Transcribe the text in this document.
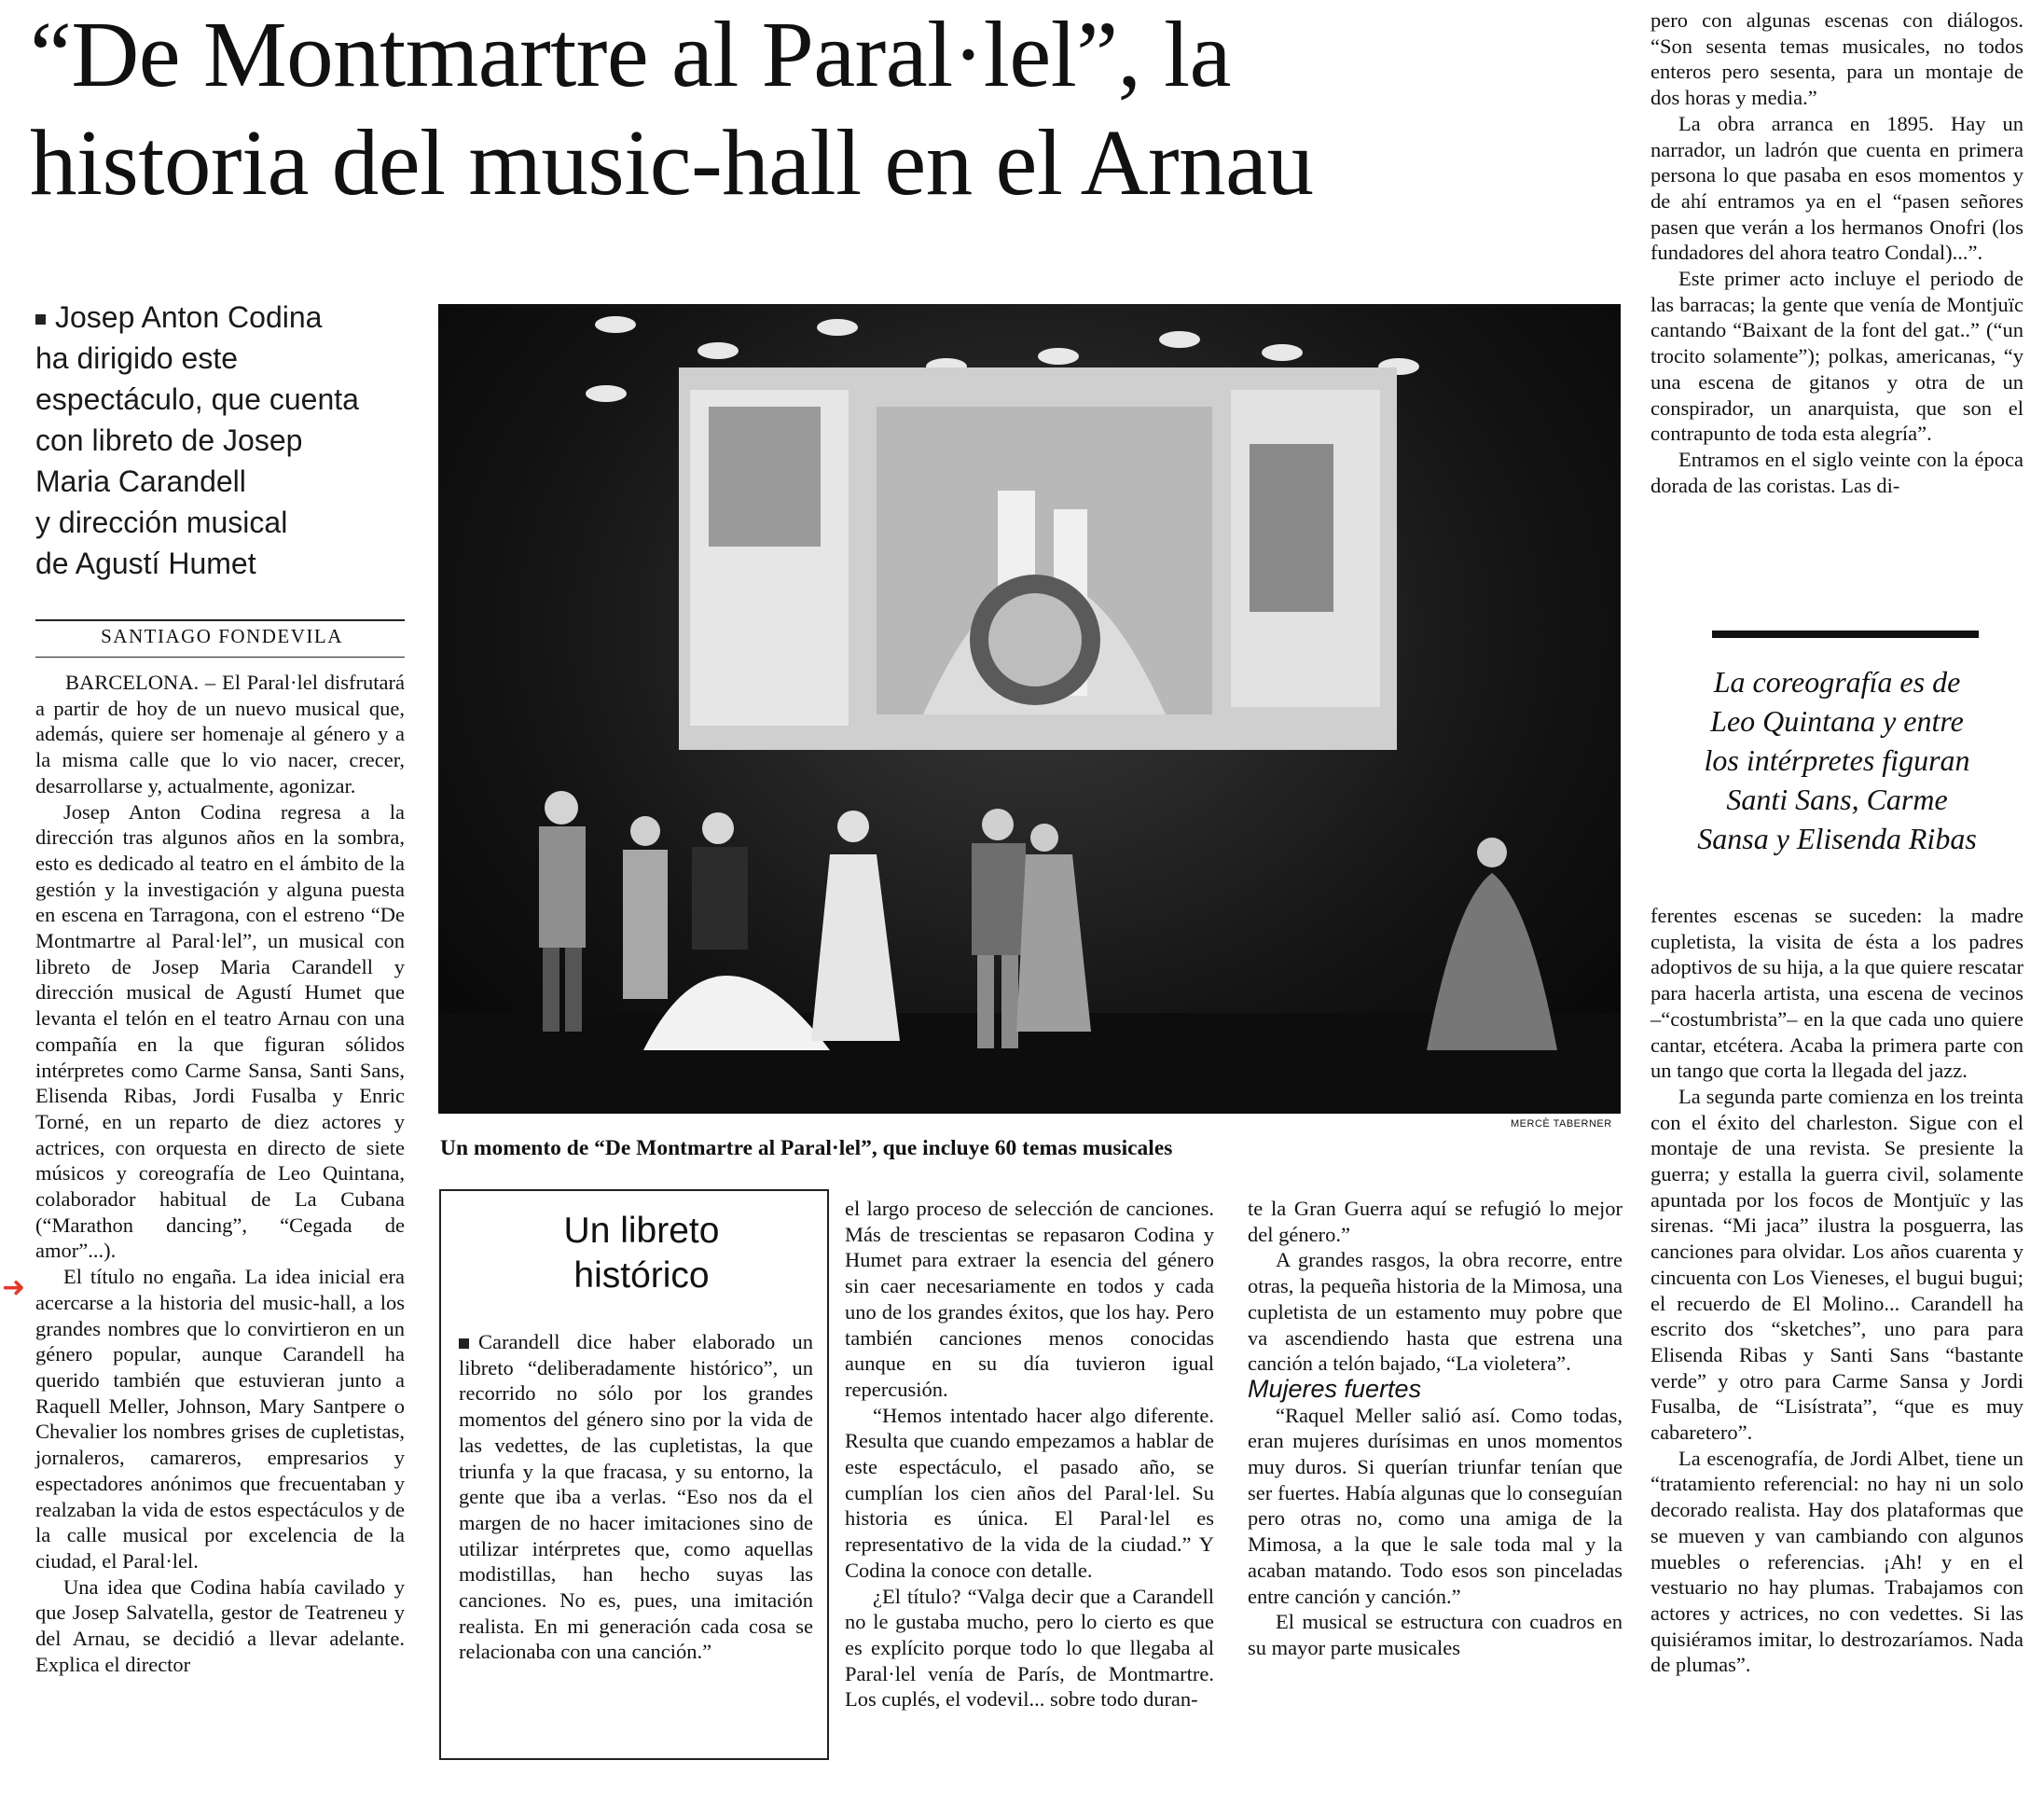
“De Montmartre al Paral·lel”, la
historia del music-hall en el Arnau
Josep Anton Codina
ha dirigido este
espectáculo, que cuenta
con libreto de Josep
Maria Carandell
y dirección musical
de Agustí Humet
SANTIAGO FONDEVILA

BARCELONA. – El Paral·lel disfrutará a partir de hoy de un nuevo musical que, además, quiere ser homenaje al género y a la misma calle que lo vio nacer, crecer, desarrollarse y, actualmente, agonizar.

Josep Anton Codina regresa a la dirección tras algunos años en la sombra, esto es dedicado al teatro en el ámbito de la gestión y la investigación y alguna puesta en escena en Tarragona, con el estreno “De Montmartre al Paral·lel”, un musical con libreto de Josep Maria Carandell y dirección musical de Agustí Humet que levanta el telón en el teatro Arnau con una compañía en la que figuran sólidos intérpretes como Carme Sansa, Santi Sans, Elisenda Ribas, Jordi Fusalba y Enric Torné, en un reparto de diez actores y actrices, con orquesta en directo de siete músicos y coreografía de Leo Quintana, colaborador habitual de La Cubana (“Marathon dancing”, “Cegada de amor”...).

El título no engaña. La idea inicial era acercarse a la historia del music-hall, a los grandes nombres que lo convirtieron en un género popular, aunque Carandell ha querido también que estuvieran junto a Raquell Meller, Johnson, Mary Santpere o Chevalier los nombres grises de cupletistas, jornaleros, camareros, empresarios y espectadores anónimos que frecuentaban y realzaban la vida de estos espectáculos y de la calle musical por excelencia de la ciudad, el Paral·lel.

Una idea que Codina había cavilado y que Josep Salvatella, gestor de Teatreneu y del Arnau, se decidió a llevar adelante. Explica el director

➜
MERCÈ TABERNER
Un momento de “De Montmartre al Paral·lel”, que incluye 60 temas musicales
Un libreto
histórico

Carandell dice haber elaborado un libreto “deliberadamente histórico”, un recorrido no sólo por los grandes momentos del género sino por la vida de las vedettes, de las cupletistas, la que triunfa y la que fracasa, y su entorno, la gente que iba a verlas. “Eso nos da el margen de no hacer imitaciones sino de utilizar intérpretes que, como aquellas modistillas, han hecho suyas las canciones. No es, pues, una imitación realista. En mi generación cada cosa se relacionaba con una canción.”

el largo proceso de selección de canciones. Más de trescientas se repasaron Codina y Humet para extraer la esencia del género sin caer necesariamente en todos y cada uno de los grandes éxitos, que los hay. Pero también canciones menos conocidas aunque en su día tuvieron igual repercusión.

“Hemos intentado hacer algo diferente. Resulta que cuando empezamos a hablar de este espectáculo, el pasado año, se cumplían los cien años del Paral·lel. Su historia es única. El Paral·lel es representativo de la vida de la ciudad.” Y Codina la conoce con detalle.

¿El título? “Valga decir que a Carandell no le gustaba mucho, pero lo cierto es que es explícito porque todo lo que llegaba al Paral·lel venía de París, de Montmartre. Los cuplés, el vodevil... sobre todo duran-

te la Gran Guerra aquí se refugió lo mejor del género.”

A grandes rasgos, la obra recorre, entre otras, la pequeña historia de la Mimosa, una cupletista de un estamento muy pobre que va ascendiendo hasta que estrena una canción a telón bajado, “La violetera”.

Mujeres fuertes

“Raquel Meller salió así. Como todas, eran mujeres durísimas en unos momentos muy duros. Si querían triunfar tenían que ser fuertes. Había algunas que lo conseguían pero otras no, como una amiga de la Mimosa, a la que le sale toda mal y la acaban matando. Todo esos son pinceladas entre canción y canción.”

El musical se estructura con cuadros en su mayor parte musicales

pero con algunas escenas con diálogos. “Son sesenta temas musicales, no todos enteros pero sesenta, para un montaje de dos horas y media.”

La obra arranca en 1895. Hay un narrador, un ladrón que cuenta en primera persona lo que pasaba en esos momentos y de ahí entramos ya en el “pasen señores pasen que verán a los hermanos Onofri (los fundadores del ahora teatro Condal)...”.

Este primer acto incluye el periodo de las barracas; la gente que venía de Montjuïc cantando “Baixant de la font del gat..” (“un trocito solamente”); polkas, americanas, “y una escena de gitanos y otra de un conspirador, un anarquista, que son el contrapunto de toda esta alegría”.

Entramos en el siglo veinte con la época dorada de las coristas. Las di-

La coreografía es de
Leo Quintana y entre
los intérpretes figuran
Santi Sans, Carme
Sansa y Elisenda Ribas

ferentes escenas se suceden: la madre cupletista, la visita de ésta a los padres adoptivos de su hija, a la que quiere rescatar para hacerla artista, una escena de vecinos –“costumbrista”– en la que cada uno quiere cantar, etcétera. Acaba la primera parte con un tango que corta la llegada del jazz.

La segunda parte comienza en los treinta con el éxito del charleston. Sigue con el montaje de una revista. Se presiente la guerra; y estalla la guerra civil, solamente apuntada por los focos de Montjuïc y las sirenas. “Mi jaca” ilustra la posguerra, las canciones para olvidar. Los años cuarenta y cincuenta con Los Vieneses, el bugui bugui; el recuerdo de El Molino... Carandell ha escrito dos “sketches”, uno para para Elisenda Ribas y Santi Sans “bastante verde” y otro para Carme Sansa y Jordi Fusalba, de “Lisístrata”, “que es muy cabaretero”.

La escenografía, de Jordi Albet, tiene un “tratamiento referencial: no hay ni un solo decorado realista. Hay dos plataformas que se mueven y van cambiando con algunos muebles o referencias. ¡Ah! y en el vestuario no hay plumas. Trabajamos con actores y actrices, no con vedettes. Si las quisiéramos imitar, lo destrozaríamos. Nada de plumas”.
